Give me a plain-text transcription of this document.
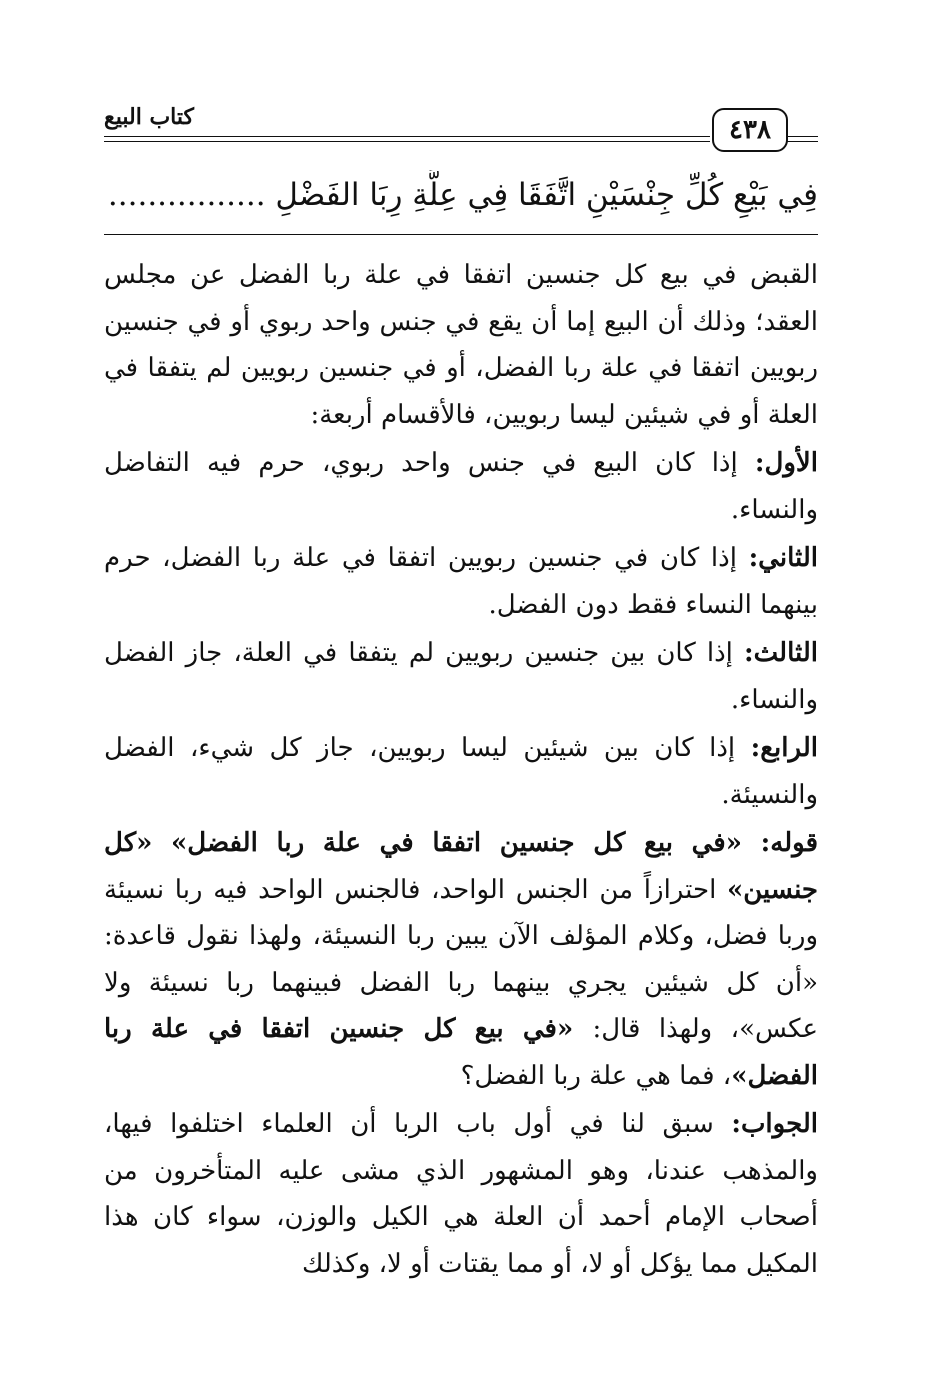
كتاب البيع	٤٣٨
فِي بَيْعِ كُلِّ جِنْسَيْنِ اتَّفَقَا فِي عِلَّةِ رِبَا الفَضْلِ ................

القبض في بيع كل جنسين اتفقا في علة ربا الفضل عن مجلس العقد؛ وذلك أن البيع إما أن يقع في جنس واحد ربوي أو في جنسين ربويين اتفقا في علة ربا الفضل، أو في جنسين ربويين لم يتفقا في العلة أو في شيئين ليسا ربويين، فالأقسام أربعة:

الأول: إذا كان البيع في جنس واحد ربوي، حرم فيه التفاضل والنساء.

الثاني: إذا كان في جنسين ربويين اتفقا في علة ربا الفضل، حرم بينهما النساء فقط دون الفضل.

الثالث: إذا كان بين جنسين ربويين لم يتفقا في العلة، جاز الفضل والنساء.

الرابع: إذا كان بين شيئين ليسا ربويين، جاز كل شيء، الفضل والنسيئة.

قوله: «في بيع كل جنسين اتفقا في علة ربا الفضل» «كل جنسين» احترازاً من الجنس الواحد، فالجنس الواحد فيه ربا نسيئة وربا فضل، وكلام المؤلف الآن يبين ربا النسيئة، ولهذا نقول قاعدة: «أن كل شيئين يجري بينهما ربا الفضل فبينهما ربا نسيئة ولا عكس»، ولهذا قال: «في بيع كل جنسين اتفقا في علة ربا الفضل»، فما هي علة ربا الفضل؟

الجواب: سبق لنا في أول باب الربا أن العلماء اختلفوا فيها، والمذهب عندنا، وهو المشهور الذي مشى عليه المتأخرون من أصحاب الإمام أحمد أن العلة هي الكيل والوزن، سواء كان هذا المكيل مما يؤكل أو لا، أو مما يقتات أو لا، وكذلك
